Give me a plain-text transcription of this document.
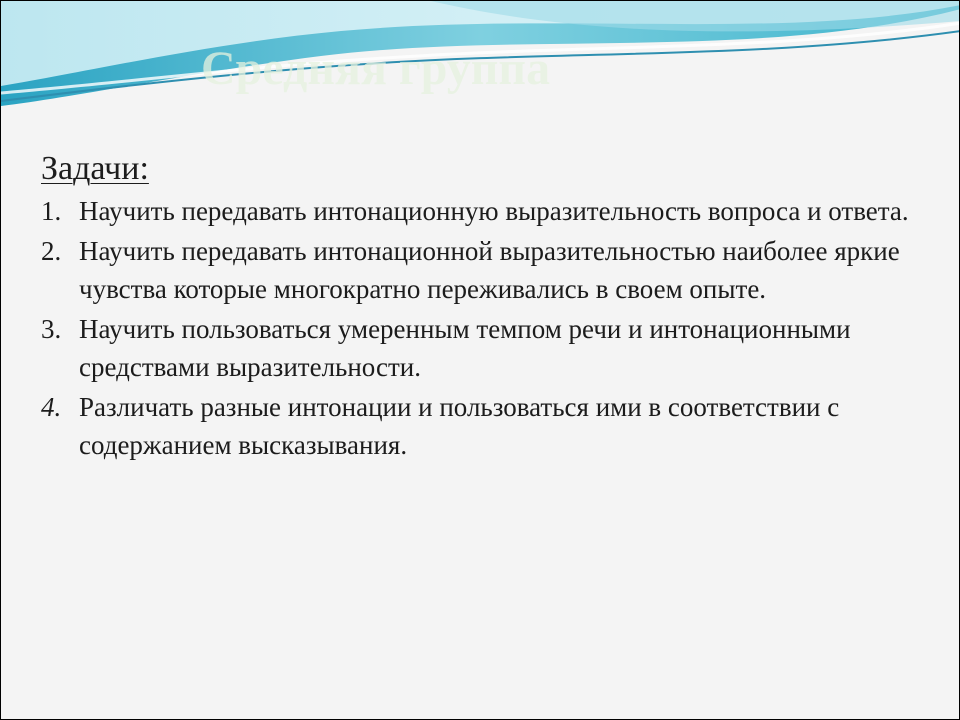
Средняя группа
Задачи:
1. Научить передавать интонационную выразительность вопроса и ответа.
2. Научить передавать интонационной выразительностью наиболее яркие чувства которые многократно переживались в своем опыте.
3. Научить пользоваться умеренным темпом речи и интонационными средствами выразительности.
4. Различать разные интонации и пользоваться ими в соответствии с содержанием высказывания.
